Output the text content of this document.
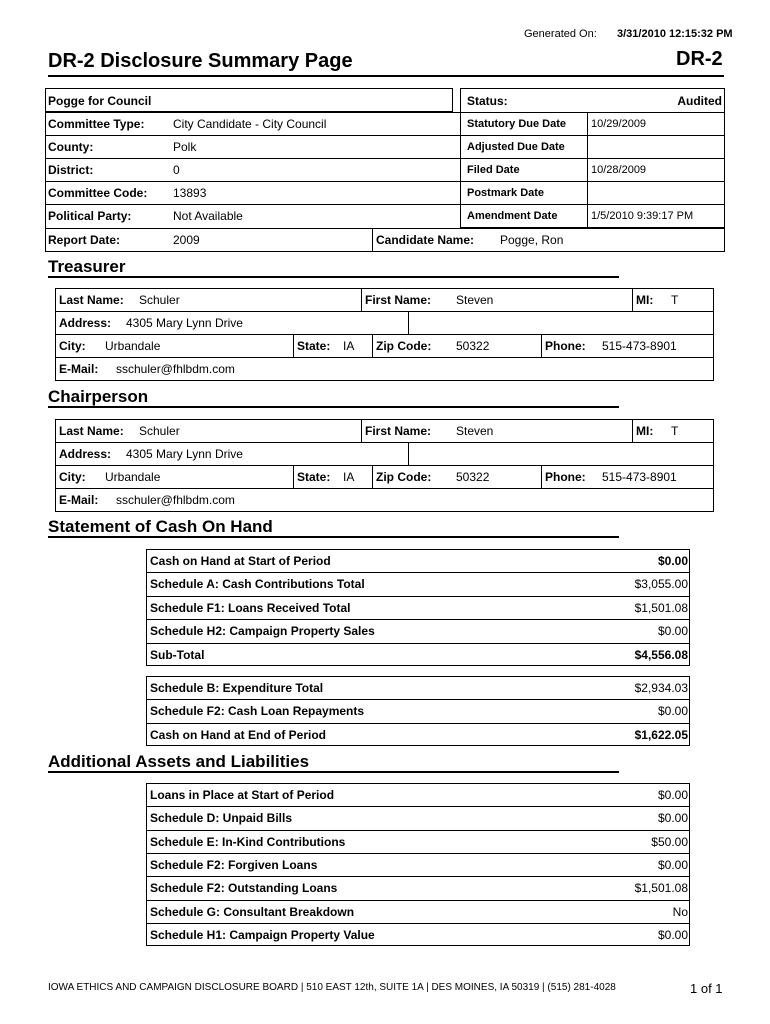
Generated On: 3/31/2010 12:15:32 PM
DR-2 Disclosure Summary Page	DR-2
Pogge for Council
Committee Type: City Candidate - City Council
County:	Polk
District:	0
Committee Code: 13893
Political Party:	Not Available
Report Date:	2009	Candidate Name: Pogge, Ron
Status:	Audited
Statutory Due Date 10/29/2009
Adjusted Due Date
Filed Date	10/28/2009
Postmark Date
Amendment Date	1/5/2010 9:39:17 PM
Treasurer
Last Name: Schuler	First Name: Steven	MI: T
Address: 4305 Mary Lynn Drive
City: Urbandale	State: IA Zip Code: 50322	Phone: 515-473-8901
E-Mail: sschuler@fhlbdm.com
Chairperson
Last Name: Schuler	First Name: Steven	MI: T
Address: 4305 Mary Lynn Drive
City: Urbandale	State: IA Zip Code: 50322	Phone: 515-473-8901
E-Mail: sschuler@fhlbdm.com
Statement of Cash On Hand
Cash on Hand at Start of Period	$0.00
Schedule A: Cash Contributions Total	$3,055.00
Schedule F1: Loans Received Total	$1,501.08
Schedule H2: Campaign Property Sales	$0.00
Sub-Total	$4,556.08
Schedule B: Expenditure Total	$2,934.03
Schedule F2: Cash Loan Repayments	$0.00
Cash on Hand at End of Period	$1,622.05
Additional Assets and Liabilities
Loans in Place at Start of Period	$0.00
Schedule D: Unpaid Bills	$0.00
Schedule E: In-Kind Contributions	$50.00
Schedule F2: Forgiven Loans	$0.00
Schedule F2: Outstanding Loans	$1,501.08
Schedule G: Consultant Breakdown	No
Schedule H1: Campaign Property Value	$0.00
IOWA ETHICS AND CAMPAIGN DISCLOSURE BOARD | 510 EAST 12th, SUITE 1A | DES MOINES, IA 50319 | (515) 281-4028	1 of 1
